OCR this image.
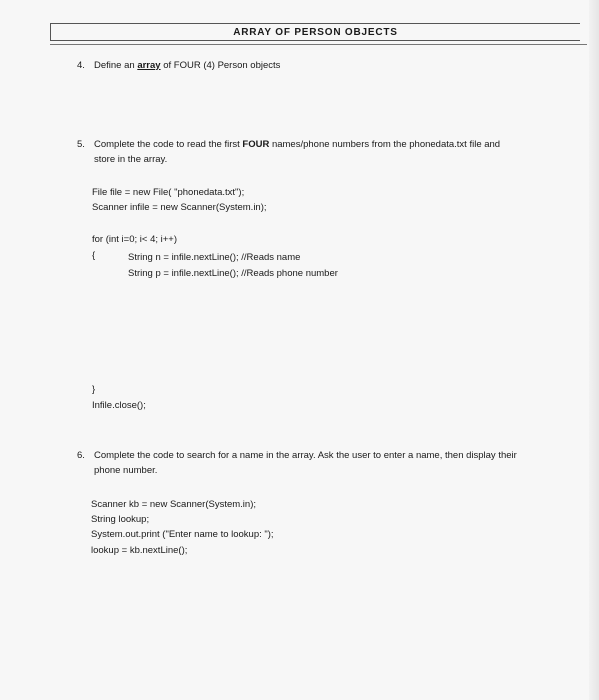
ARRAY OF PERSON OBJECTS
4. Define an array of FOUR (4) Person objects
5. Complete the code to read the first FOUR names/phone numbers from the phonedata.txt file and
store in the array.
File file = new File( "phonedata.txt");
Scanner infile = new Scanner(System.in);
for (int i=0; i< 4; i++)
{	String n = infile.nextLine(); //Reads name
String p = infile.nextLine(); //Reads phone number
}
Infile.close();
6. Complete the code to search for a name in the array. Ask the user to enter a name, then display their
phone number.
Scanner kb = new Scanner(System.in);
String lookup;
System.out.print ("Enter name to lookup: ");
lookup = kb.nextLine();
